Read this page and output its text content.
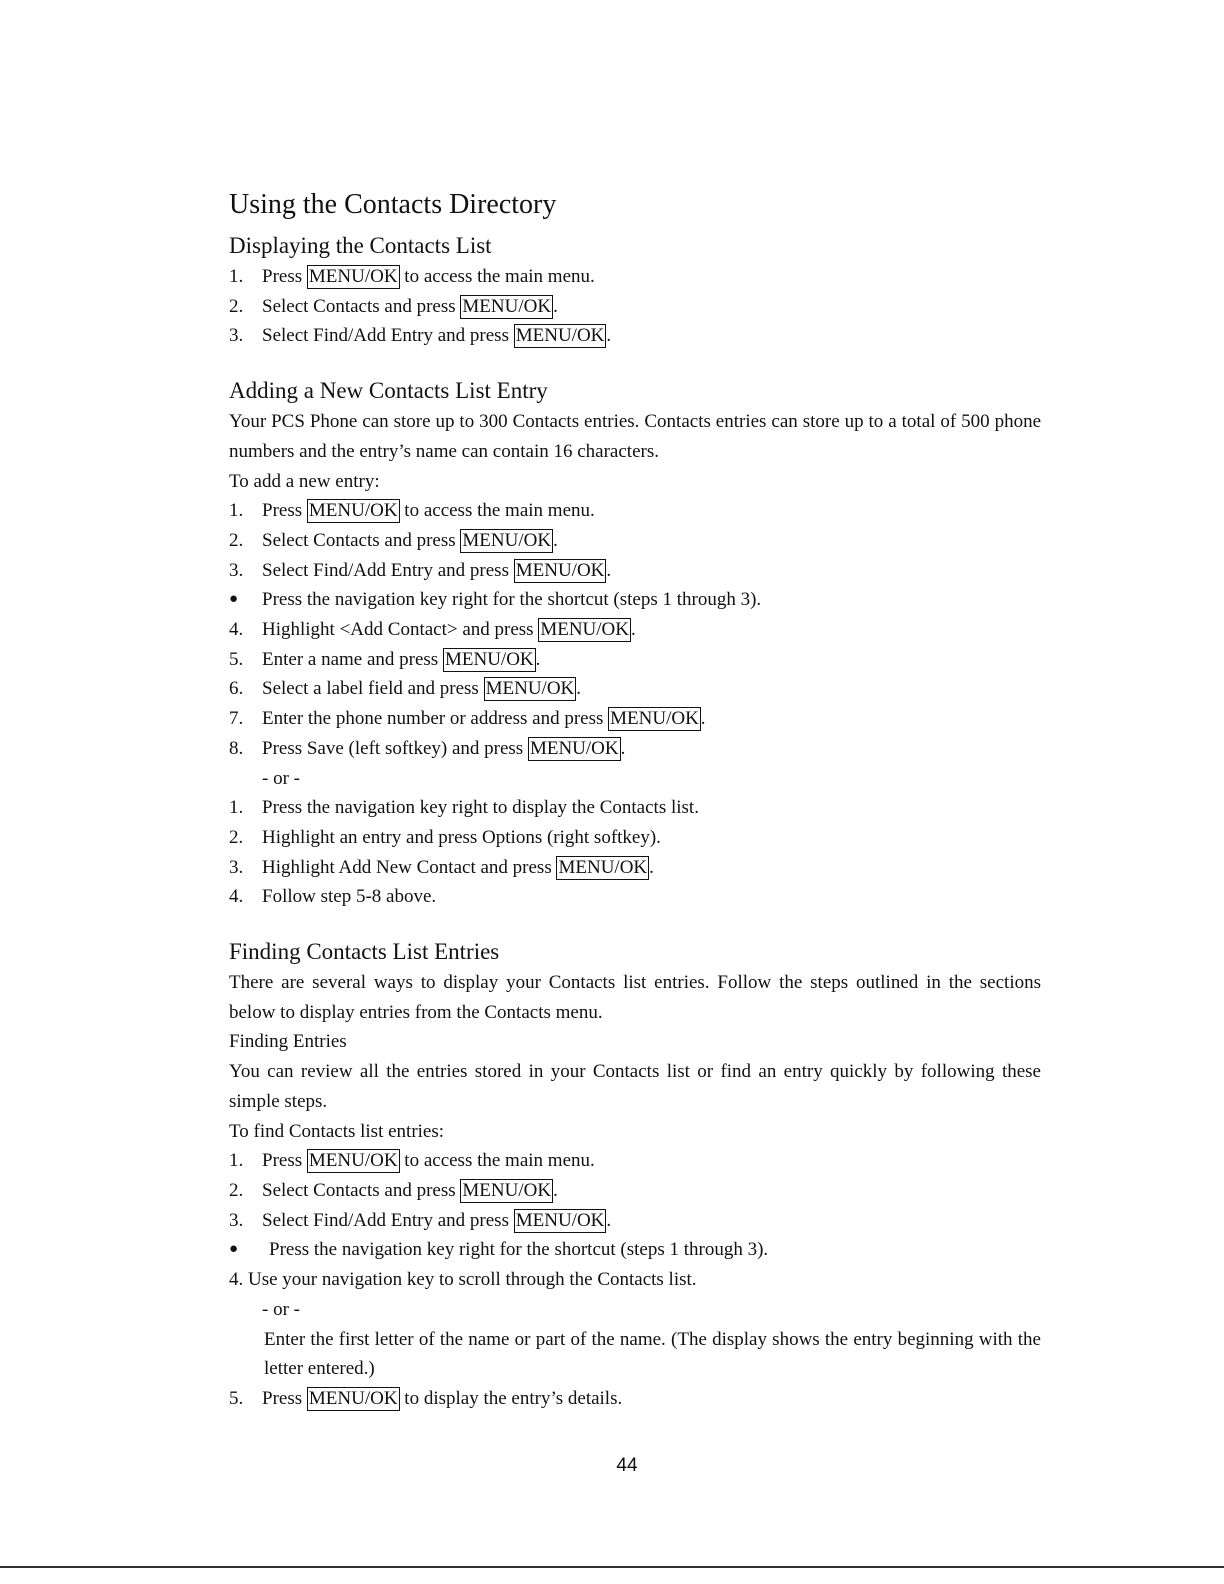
Using the Contacts Directory
Displaying the Contacts List
1. Press MENU/OK to access the main menu.
2. Select Contacts and press MENU/OK .
3. Select Find/Add Entry and press MENU/OK .
Adding a New Contacts List Entry
Your PCS Phone can store up to 300 Contacts entries. Contacts entries can store up to a total of 500 phone numbers and the entry’s name can contain 16 characters.
To add a new entry:
1. Press MENU/OK to access the main menu.
2. Select Contacts and press MENU/OK .
3. Select Find/Add Entry and press MENU/OK .
●	Press the navigation key right for the shortcut (steps 1 through 3).
4. Highlight <Add Contact> and press MENU/OK .
5. Enter a name and press MENU/OK .
6. Select a label field and press MENU/OK .
7. Enter the phone number or address and press MENU/OK .
8. Press Save (left softkey) and press MENU/OK .
- or -
1. Press the navigation key right to display the Contacts list.
2. Highlight an entry and press Options (right softkey).
3. Highlight Add New Contact and press MENU/OK .
4. Follow step 5-8 above.
Finding Contacts List Entries
There are several ways to display your Contacts list entries. Follow the steps outlined in the sections below to display entries from the Contacts menu.
Finding Entries
You can review all the entries stored in your Contacts list or find an entry quickly by following these simple steps.
To find Contacts list entries:
1. Press MENU/OK to access the main menu.
2. Select Contacts and press MENU/OK .
3. Select Find/Add Entry and press MENU/OK .
●	Press the navigation key right for the shortcut (steps 1 through 3).
4. Use your navigation key to scroll through the Contacts list.
- or -
Enter the first letter of the name or part of the name. (The display shows the entry beginning with the letter entered.)
5. Press MENU/OK to display the entry’s details.
44
